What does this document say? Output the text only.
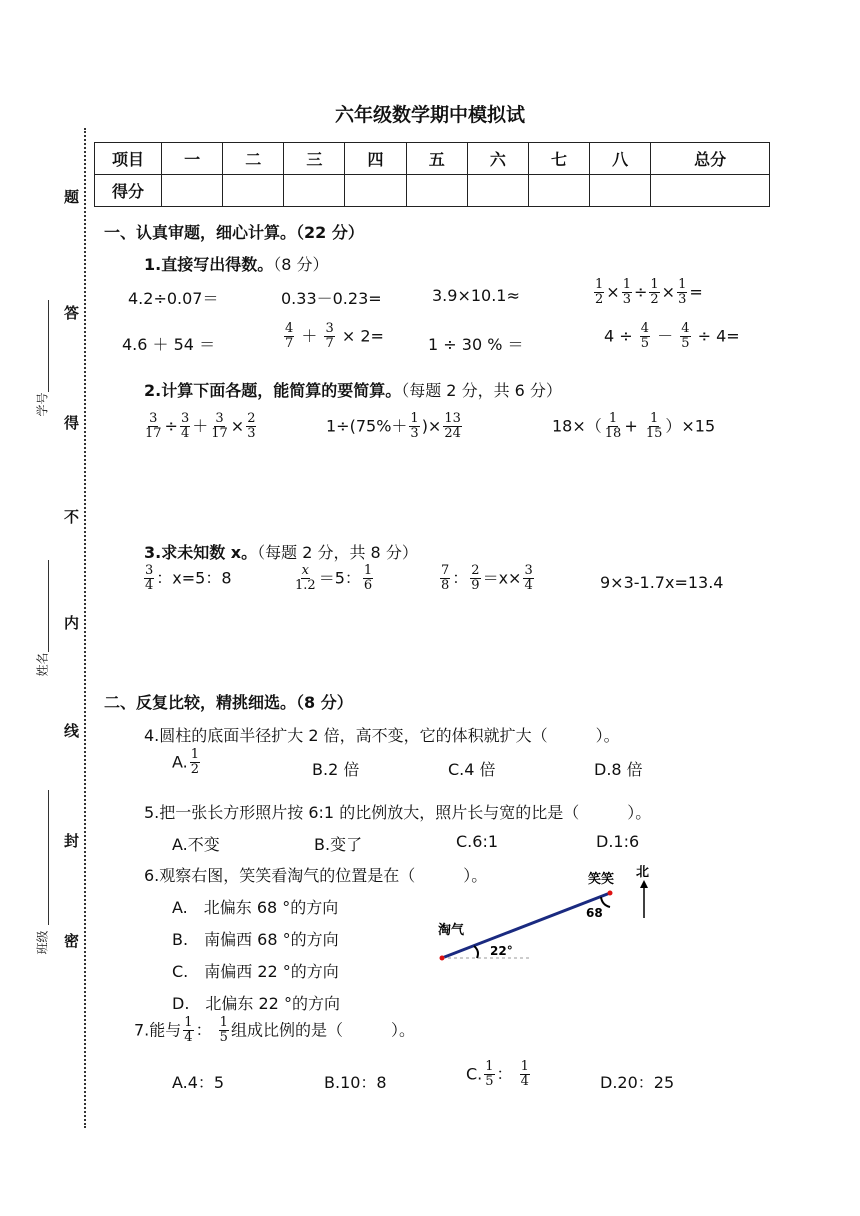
六年级数学期中模拟试
项目	一	二	三	四	五	六	七	八	总分
得分									
题
答
得
不
内
线
封
密
学号
姓名
班级
一、认真审题，细心计算。（22 分）
1.直接写出得数。（8 分）
4.2÷0.07＝	0.33－0.23=	3.9×10.1≈	$\frac{1}{2} \times \frac{1}{3} \div \frac{1}{2} \times \frac{1}{3}$ =
4.6 ＋ 54 ＝	$\frac{4}{7} + \frac{3}{7} \times 2=$	1 ÷ 30 % ＝	$4 \div \frac{4}{5} - \frac{4}{5} \div 4=$
2.计算下面各题，能简算的要简算。（每题 2 分，共 6 分）
$\frac{3}{17} \div \frac{3}{4} + \frac{3}{17} \times \frac{2}{3}$	$1\div(75\%+ \frac{1}{3}$ )× $\frac{13}{24}$	$18\times( \frac{1}{18} + \frac{1}{15} )\times 15$
3.求未知数 x。（每题 2 分，共 8 分）
$\frac{3}{4}$ ：x=5：8	$\frac{x}{1.2} =5$： $\frac{1}{6}$	$\frac{7}{8}$ ： $\frac{2}{9} =x\times \frac{3}{4}$	9×3-1.7x=13.4
二、反复比较，精挑细选。（8 分）
4.圆柱的底面半径扩大 2 倍，高不变，它的体积就扩大（　　　）。
A. $\frac{1}{2}$	B.2 倍	C.4 倍	D.8 倍
5.把一张长方形照片按 6:1 的比例放大，照片长与宽的比是（　　　）。
A.不变	B.变了	C.6:1	D.1:6
6.观察右图，笑笑看淘气的位置是在（　　　）。
A.　北偏东 68 °的方向
B.　南偏西 68 °的方向
C.　南偏西 22 °的方向
D.　北偏东 22 °的方向
淘气
笑笑 北
68
22°
7.能与 $\frac{1}{4}$ ： $\frac{1}{5}$ 组成比例的是（　　　）。
A.4：5	B.10：8	C. $\frac{1}{5}$ ： $\frac{1}{4}$	D.20：25
